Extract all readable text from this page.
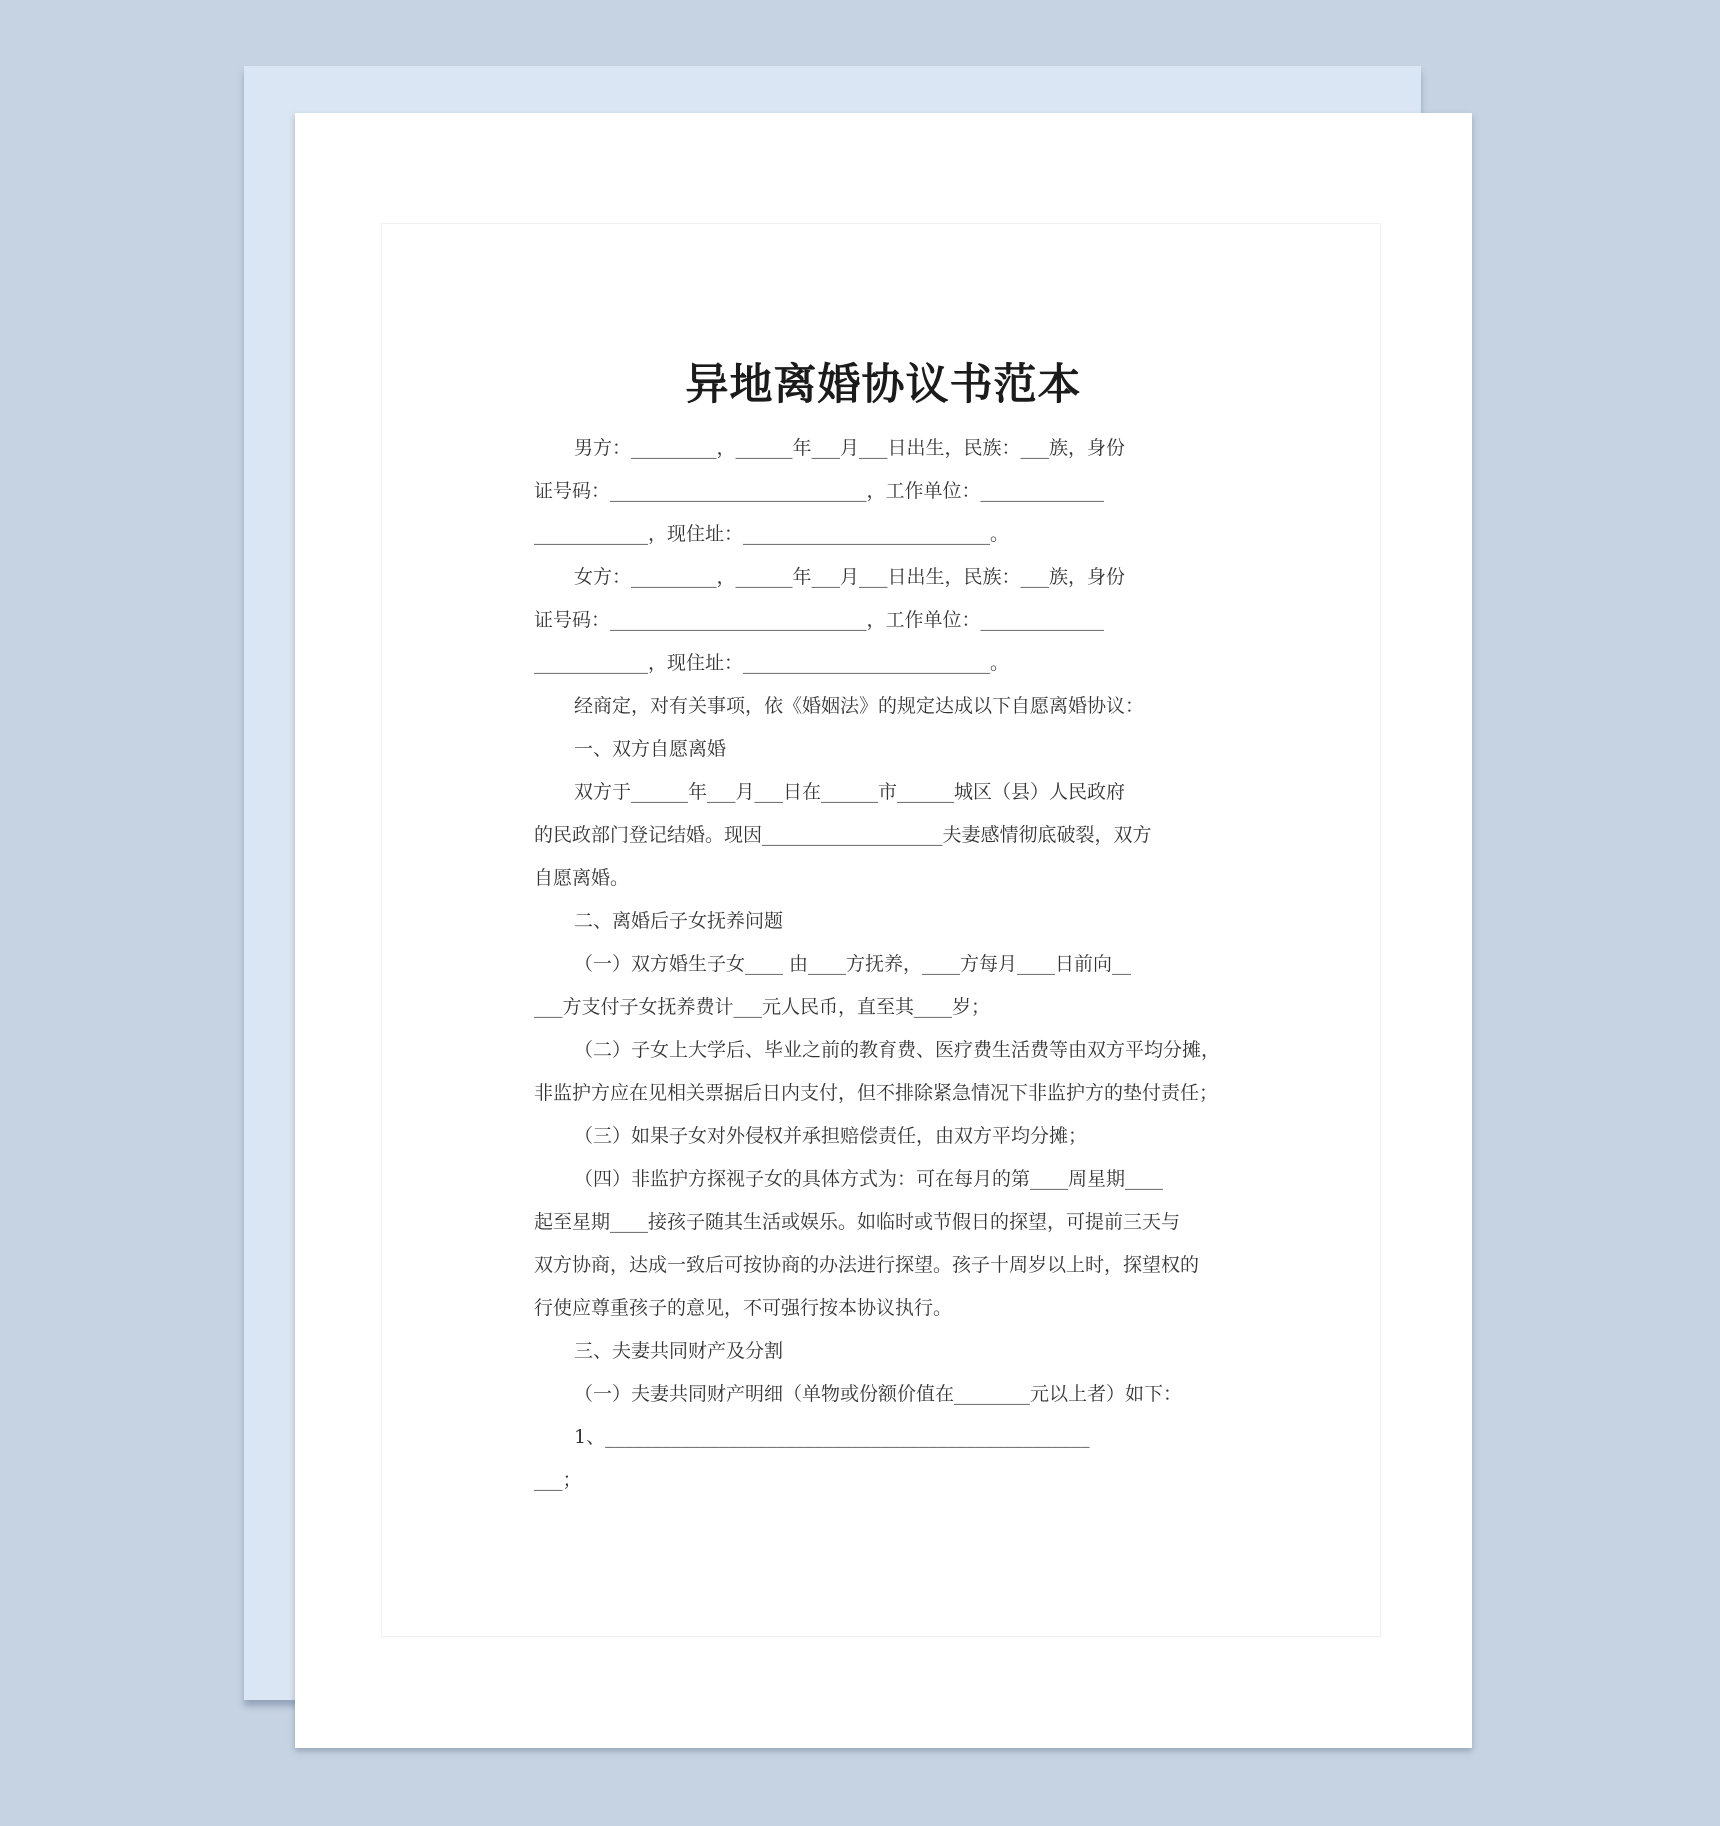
异地离婚协议书范本

男方：_________，______年___月___日出生，民族：___族，身份

证号码：___________________________，工作单位：_____________

____________，现住址：__________________________。

女方：_________，______年___月___日出生，民族：___族，身份

证号码：___________________________，工作单位：_____________

____________，现住址：__________________________。

经商定，对有关事项，依《婚姻法》的规定达成以下自愿离婚协议：

一、双方自愿离婚

双方于______年___月___日在______市______城区（县）人民政府

的民政部门登记结婚。现因___________________夫妻感情彻底破裂，双方

自愿离婚。

二、离婚后子女抚养问题

（一）双方婚生子女____ 由____方抚养，____方每月____日前向__

___方支付子女抚养费计___元人民币，直至其____岁；

（二）子女上大学后、毕业之前的教育费、医疗费生活费等由双方平均分摊，

非监护方应在见相关票据后日内支付，但不排除紧急情况下非监护方的垫付责任；

（三）如果子女对外侵权并承担赔偿责任，由双方平均分摊；

（四）非监护方探视子女的具体方式为：可在每月的第____周星期____

起至星期____接孩子随其生活或娱乐。如临时或节假日的探望，可提前三天与

双方协商，达成一致后可按协商的办法进行探望。孩子十周岁以上时，探望权的

行使应尊重孩子的意见，不可强行按本协议执行。

三、夫妻共同财产及分割

（一）夫妻共同财产明细（单物或份额价值在________元以上者）如下：

1、___________________________________________________

___；
